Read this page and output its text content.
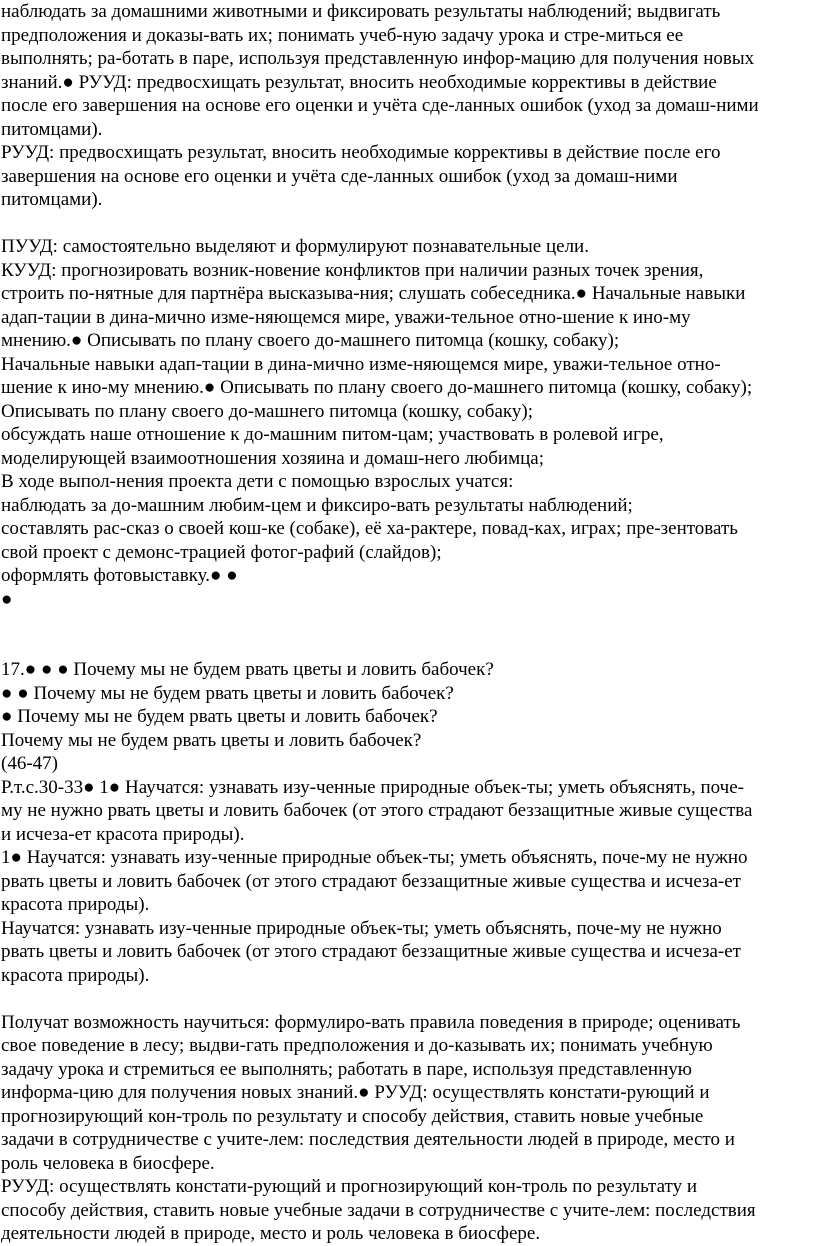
наблюдать за домашними животными и фиксировать результаты наблюдений; выдвигать
предположения и доказы-вать их; понимать учеб-ную задачу урока и стре-миться ее
выполнять; ра-ботать в паре, используя представленную инфор-мацию для получения новых
знаний.● РУУД: предвосхищать результат, вносить необходимые коррективы в действие
после его завершения на основе его оценки и учёта сде-ланных ошибок (уход за домаш-ними
питомцами).
РУУД: предвосхищать результат, вносить необходимые коррективы в действие после его
завершения на основе его оценки и учёта сде-ланных ошибок (уход за домаш-ними
питомцами).
ПУУД: самостоятельно выделяют и формулируют познавательные цели.
КУУД: прогнозировать возник-новение конфликтов при наличии разных точек зрения,
строить по-нятные для партнёра высказыва-ния; слушать собеседника.● Начальные навыки
адап-тации в дина-мично изме-няющемся мире, уважи-тельное отно-шение к ино-му
мнению.● Описывать по плану своего до-машнего питомца (кошку, собаку);
Начальные навыки адап-тации в дина-мично изме-няющемся мире, уважи-тельное отно-
шение к ино-му мнению.● Описывать по плану своего до-машнего питомца (кошку, собаку);
Описывать по плану своего до-машнего питомца (кошку, собаку);
обсуждать наше отношение к до-машним питом-цам; участвовать в ролевой игре,
моделирующей взаимоотношения хозяина и домаш-него любимца;
В ходе выпол-нения проекта дети с помощью взрослых учатся:
наблюдать за до-машним любим-цем и фиксиро-вать результаты наблюдений;
составлять рас-сказ о своей кош-ке (собаке), её ха-рактере, повад-ках, играх; пре-зентовать
свой проект с демонс-трацией фотог-рафий (слайдов);
оформлять фотовыставку.● ●
●
17.● ● ● Почему мы не будем рвать цветы и ловить бабочек?
● ● Почему мы не будем рвать цветы и ловить бабочек?
● Почему мы не будем рвать цветы и ловить бабочек?
Почему мы не будем рвать цветы и ловить бабочек?
(46-47)
Р.т.с.30-33● 1● Научатся: узнавать изу-ченные природные объек-ты; уметь объяснять, поче-
му не нужно рвать цветы и ловить бабочек (от этого страдают беззащитные живые существа
и исчеза-ет красота природы).
1● Научатся: узнавать изу-ченные природные объек-ты; уметь объяснять, поче-му не нужно
рвать цветы и ловить бабочек (от этого страдают беззащитные живые существа и исчеза-ет
красота природы).
Научатся: узнавать изу-ченные природные объек-ты; уметь объяснять, поче-му не нужно
рвать цветы и ловить бабочек (от этого страдают беззащитные живые существа и исчеза-ет
красота природы).
Получат возможность научиться: формулиро-вать правила поведения в природе; оценивать
свое поведение в лесу; выдви-гать предположения и до-казывать их; понимать учебную
задачу урока и стремиться ее выполнять; работать в паре, используя представленную
информа-цию для получения новых знаний.● РУУД: осуществлять констати-рующий и
прогнозирующий кон-троль по результату и способу действия, ставить новые учебные
задачи в сотрудничестве с учите-лем: последствия деятельности людей в природе, место и
роль человека в биосфере.
РУУД: осуществлять констати-рующий и прогнозирующий кон-троль по результату и
способу действия, ставить новые учебные задачи в сотрудничестве с учите-лем: последствия
деятельности людей в природе, место и роль человека в биосфере.
